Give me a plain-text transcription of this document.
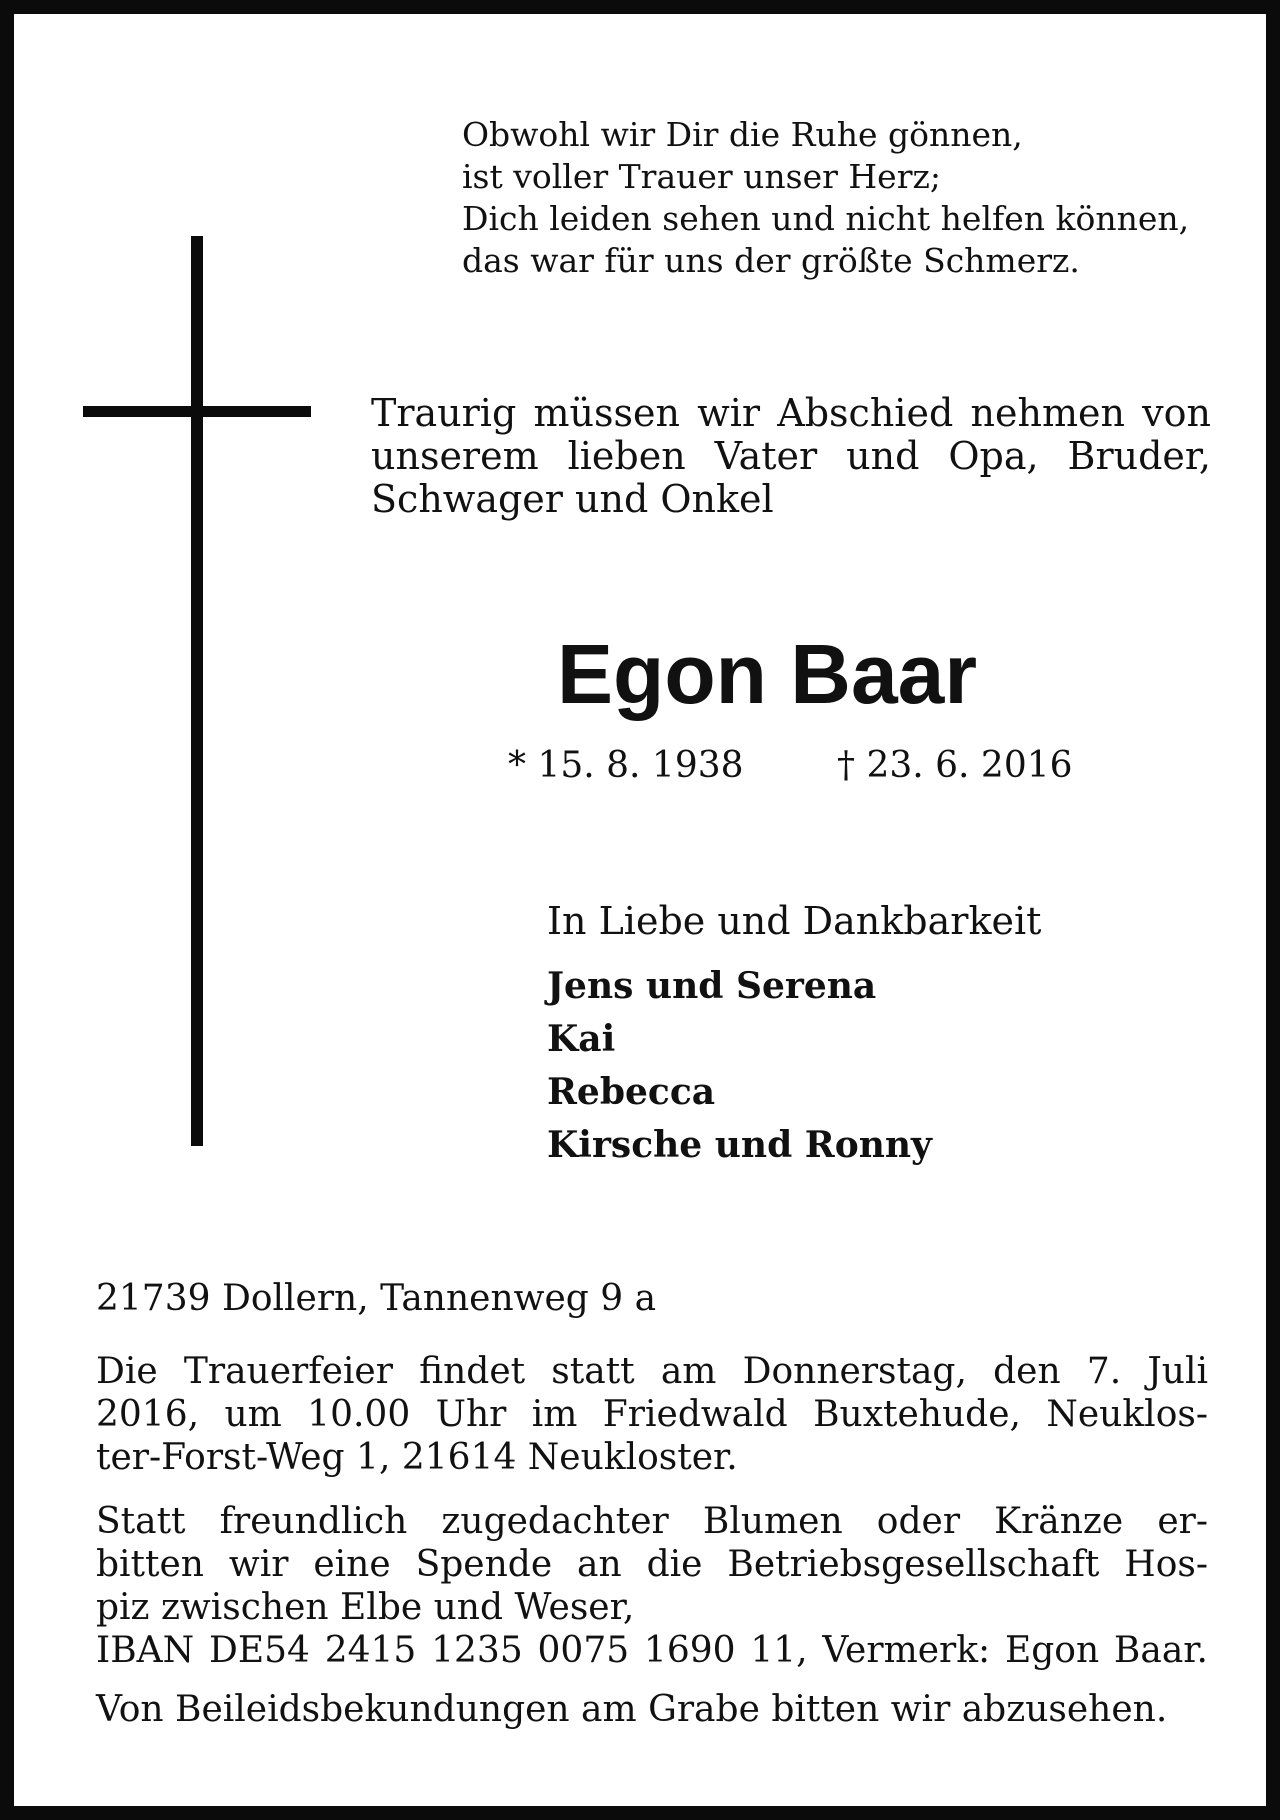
Obwohl wir Dir die Ruhe gönnen,
ist voller Trauer unser Herz;
Dich leiden sehen und nicht helfen können,
das war für uns der größte Schmerz.
Traurig müssen wir Abschied nehmen von unserem lieben Vater und Opa, Bruder, Schwager und Onkel
Egon Baar
* 15. 8. 1938	† 23. 6. 2016
In Liebe und Dankbarkeit
Jens und Serena
Kai
Rebecca
Kirsche und Ronny
21739 Dollern, Tannenweg 9 a
Die Trauerfeier findet statt am Donnerstag, den 7. Juli
2016, um 10.00 Uhr im Friedwald Buxtehude, Neuklos-
ter-Forst-Weg 1, 21614 Neukloster.
Statt freundlich zugedachter Blumen oder Kränze er-
bitten wir eine Spende an die Betriebsgesellschaft Hos-
piz zwischen Elbe und Weser,
IBAN DE54 2415 1235 0075 1690 11, Vermerk: Egon Baar.
Von Beileidsbekundungen am Grabe bitten wir abzusehen.
